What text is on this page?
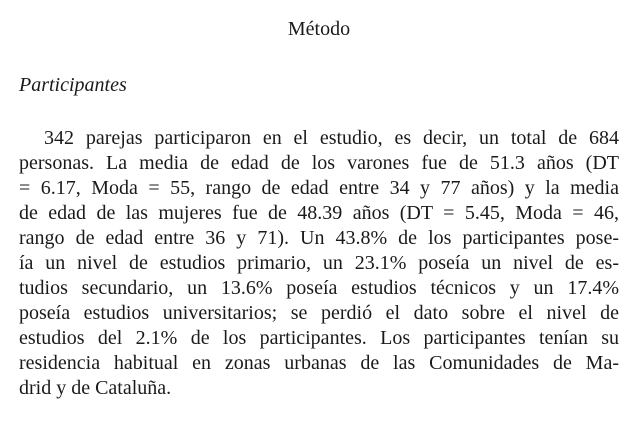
Método
Participantes
342 parejas participaron en el estudio, es decir, un total de 684
personas. La media de edad de los varones fue de 51.3 años (DT
= 6.17, Moda = 55, rango de edad entre 34 y 77 años) y la media
de edad de las mujeres fue de 48.39 años (DT = 5.45, Moda = 46,
rango de edad entre 36 y 71). Un 43.8% de los participantes pose-
ía un nivel de estudios primario, un 23.1% poseía un nivel de es-
tudios secundario, un 13.6% poseía estudios técnicos y un 17.4%
poseía estudios universitarios; se perdió el dato sobre el nivel de
estudios del 2.1% de los participantes. Los participantes tenían su
residencia habitual en zonas urbanas de las Comunidades de Ma-
drid y de Cataluña.
